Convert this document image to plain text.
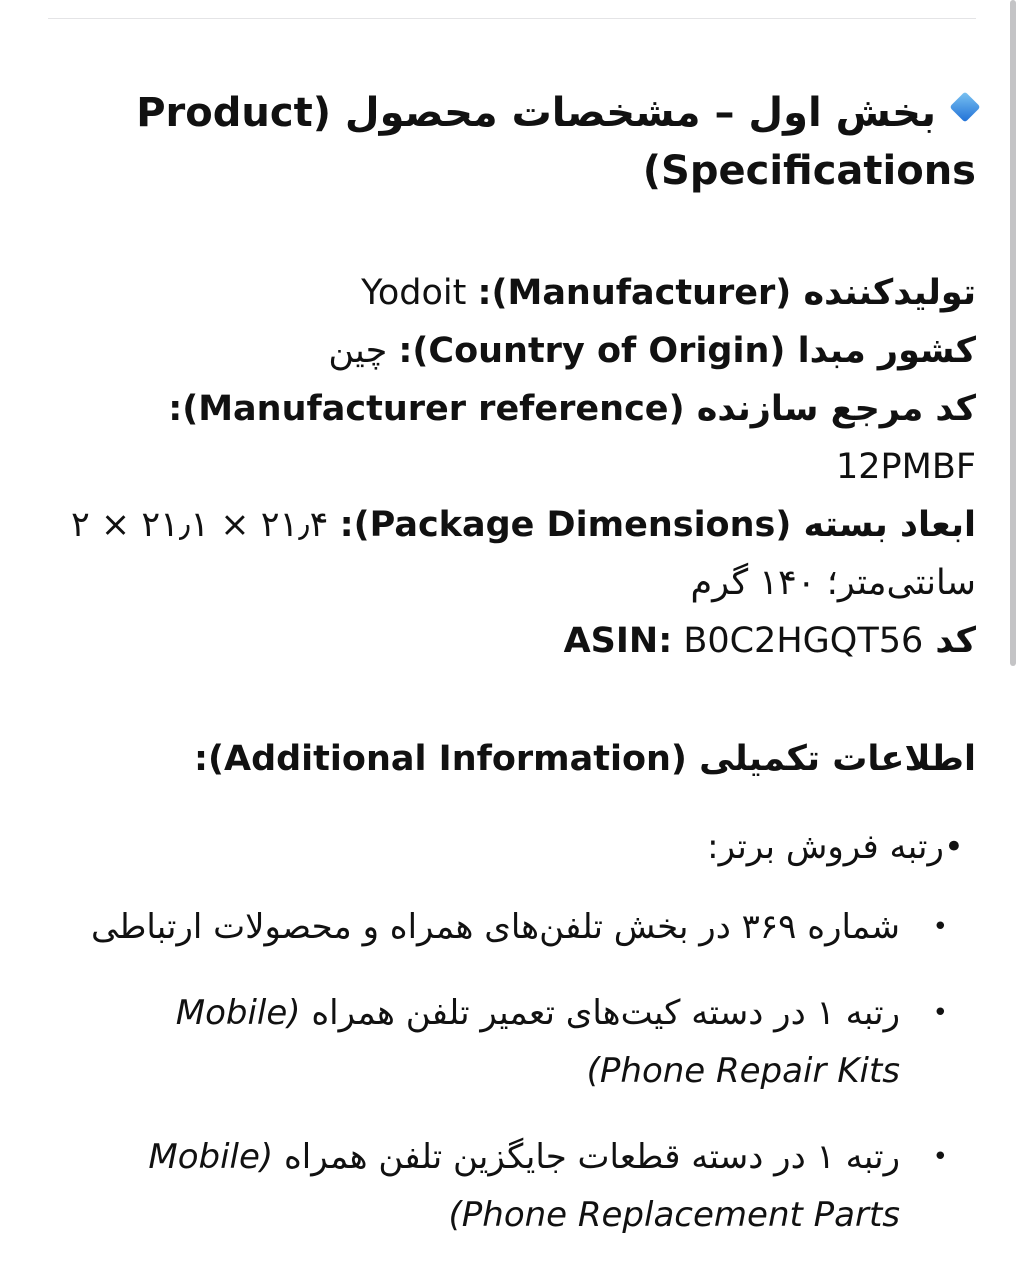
بخش اول – مشخصات محصول (Product Specifications)

تولیدکننده (Manufacturer): Yodoit

کشور مبدا (Country of Origin): چین

کد مرجع سازنده (Manufacturer reference): 12PMBF

ابعاد بسته (Package Dimensions): ۲ × ۲۱٫۱ × ۲۱٫۴ سانتی‌متر؛ ۱۴۰ گرم

کد ASIN: B0C2HGQT56

اطلاعات تکمیلی (Additional Information):
•رتبه فروش برتر:
•
شماره ۳۶۹ در بخش تلفن‌های همراه و محصولات ارتباطی
•
رتبه ۱ در دسته کیت‌های تعمیر تلفن همراه (Mobile Phone Repair Kits)
•
رتبه ۱ در دسته قطعات جایگزین تلفن همراه (Mobile Phone Replacement Parts)
